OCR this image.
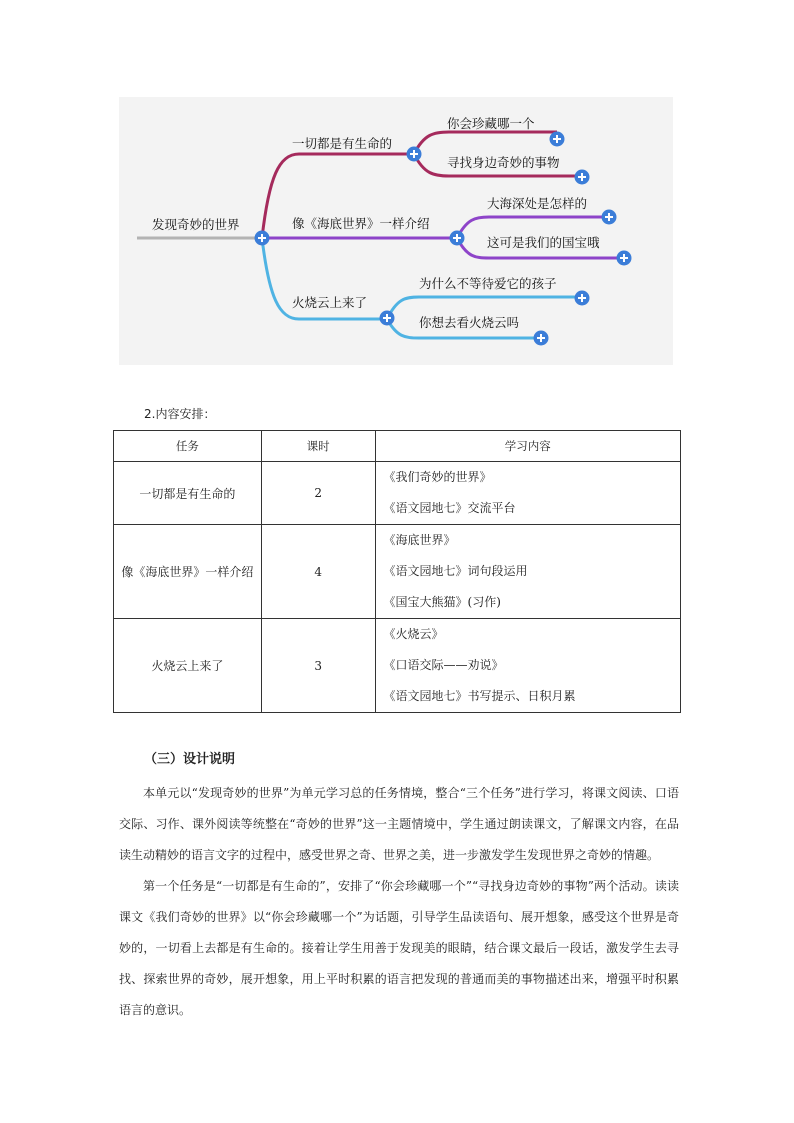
发现奇妙的世界
一切都是有生命的
你会珍藏哪一个
寻找身边奇妙的事物
像《海底世界》一样介绍
大海深处是怎样的
这可是我们的国宝哦
火烧云上来了
为什么不等待爱它的孩子
你想去看火烧云吗
2.内容安排：
任务	课时	学习内容
一切都是有生命的	2	《我们奇妙的世界》
《语文园地七》交流平台

像《海底世界》一样介绍	4	《海底世界》
《语文园地七》词句段运用
《国宝大熊猫》(习作)

火烧云上来了	3	《火烧云》
《口语交际——劝说》
《语文园地七》书写提示、日积月累
（三）设计说明
本单元以“发现奇妙的世界”为单元学习总的任务情境，整合“三个任务”进行学习，将课文阅读、口语交际、习作、课外阅读等统整在“奇妙的世界”这一主题情境中，学生通过朗读课文，了解课文内容，在品读生动精妙的语言文字的过程中，感受世界之奇、世界之美，进一步激发学生发现世界之奇妙的情趣。
第一个任务是“一切都是有生命的”，安排了“你会珍藏哪一个”“寻找身边奇妙的事物”两个活动。读读课文《我们奇妙的世界》以“你会珍藏哪一个”为话题，引导学生品读语句、展开想象，感受这个世界是奇妙的，一切看上去都是有生命的。接着让学生用善于发现美的眼睛，结合课文最后一段话，激发学生去寻找、探索世界的奇妙，展开想象，用上平时积累的语言把发现的普通而美的事物描述出来，增强平时积累语言的意识。
